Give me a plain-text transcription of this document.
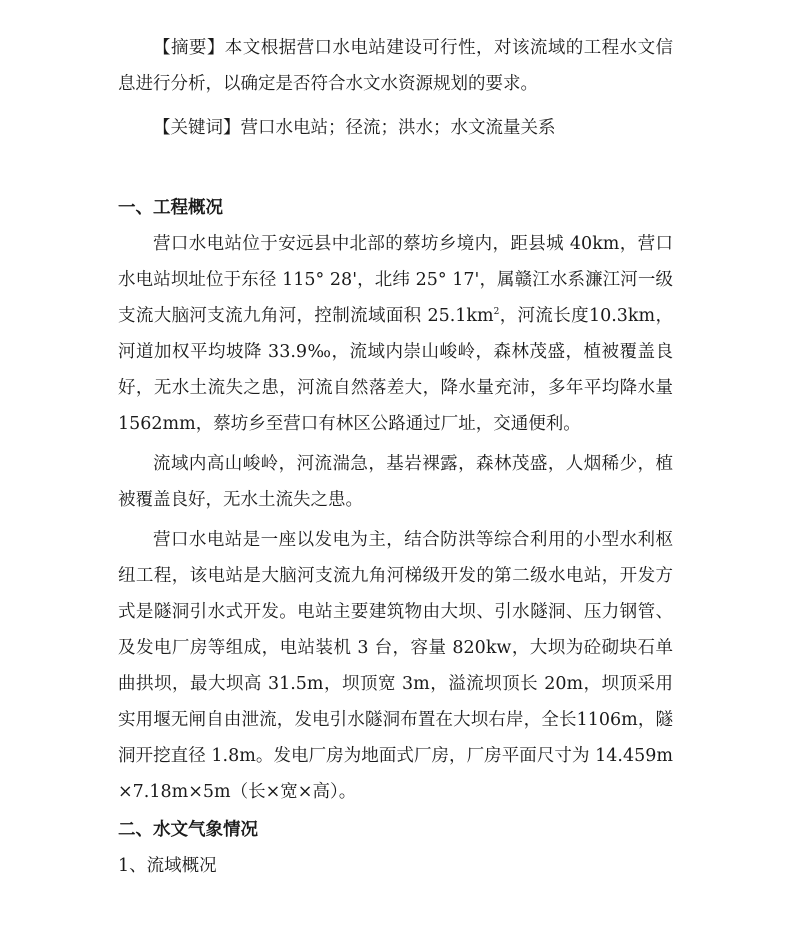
【摘要】本文根据营口水电站建设可行性，对该流域的工程水文信息进行分析，以确定是否符合水文水资源规划的要求。

【关键词】营口水电站；径流；洪水；水文流量关系

一、工程概况

营口水电站位于安远县中北部的蔡坊乡境内，距县城 40km，营口水电站坝址位于东径 115° 28'，北纬 25° 17'，属赣江水系濂江河一级支流大脑河支流九角河，控制流域面积 $25.1km^2$，河流长度10.3km，河道加权平均坡降 33.9‰，流域内崇山峻岭，森林茂盛，植被覆盖良好，无水土流失之患，河流自然落差大，降水量充沛，多年平均降水量 1562mm，蔡坊乡至营口有林区公路通过厂址，交通便利。

流域内高山峻岭，河流湍急，基岩裸露，森林茂盛，人烟稀少，植被覆盖良好，无水土流失之患。

营口水电站是一座以发电为主，结合防洪等综合利用的小型水利枢纽工程，该电站是大脑河支流九角河梯级开发的第二级水电站，开发方式是隧洞引水式开发。电站主要建筑物由大坝、引水隧洞、压力钢管、及发电厂房等组成，电站装机 3 台，容量 820kw，大坝为砼砌块石单曲拱坝，最大坝高 31.5m，坝顶宽 3m，溢流坝顶长 20m，坝顶采用实用堰无闸自由泄流，发电引水隧洞布置在大坝右岸，全长1106m，隧洞开挖直径 1.8m。发电厂房为地面式厂房，厂房平面尺寸为 14.459m×7.18m×5m（长×宽×高）。

二、水文气象情况

1、流域概况
